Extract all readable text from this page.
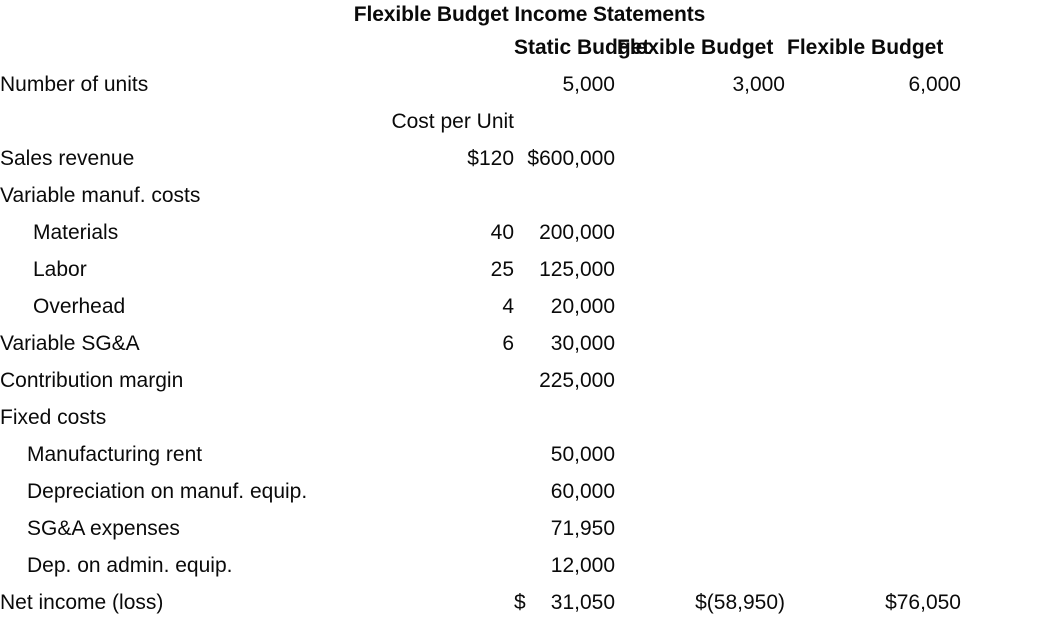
Flexible Budget Income Statements
		Static Budget	Flexible Budget	Flexible Budget	
Number of units		5,000	3,000	6,000	
	Cost per Unit				
Sales revenue	$120	$600,000			
Variable manuf. costs					
Materials	40	200,000			
Labor	25	125,000			
Overhead	4	20,000			
Variable SG&A	6	30,000			
Contribution margin		225,000			
Fixed costs					
Manufacturing rent		50,000			
Depreciation on manuf. equip.		60,000			
SG&A expenses		71,950			
Dep. on admin. equip.		12,000			
Net income (loss)		$ 31,050	$(58,950)	$76,050	
